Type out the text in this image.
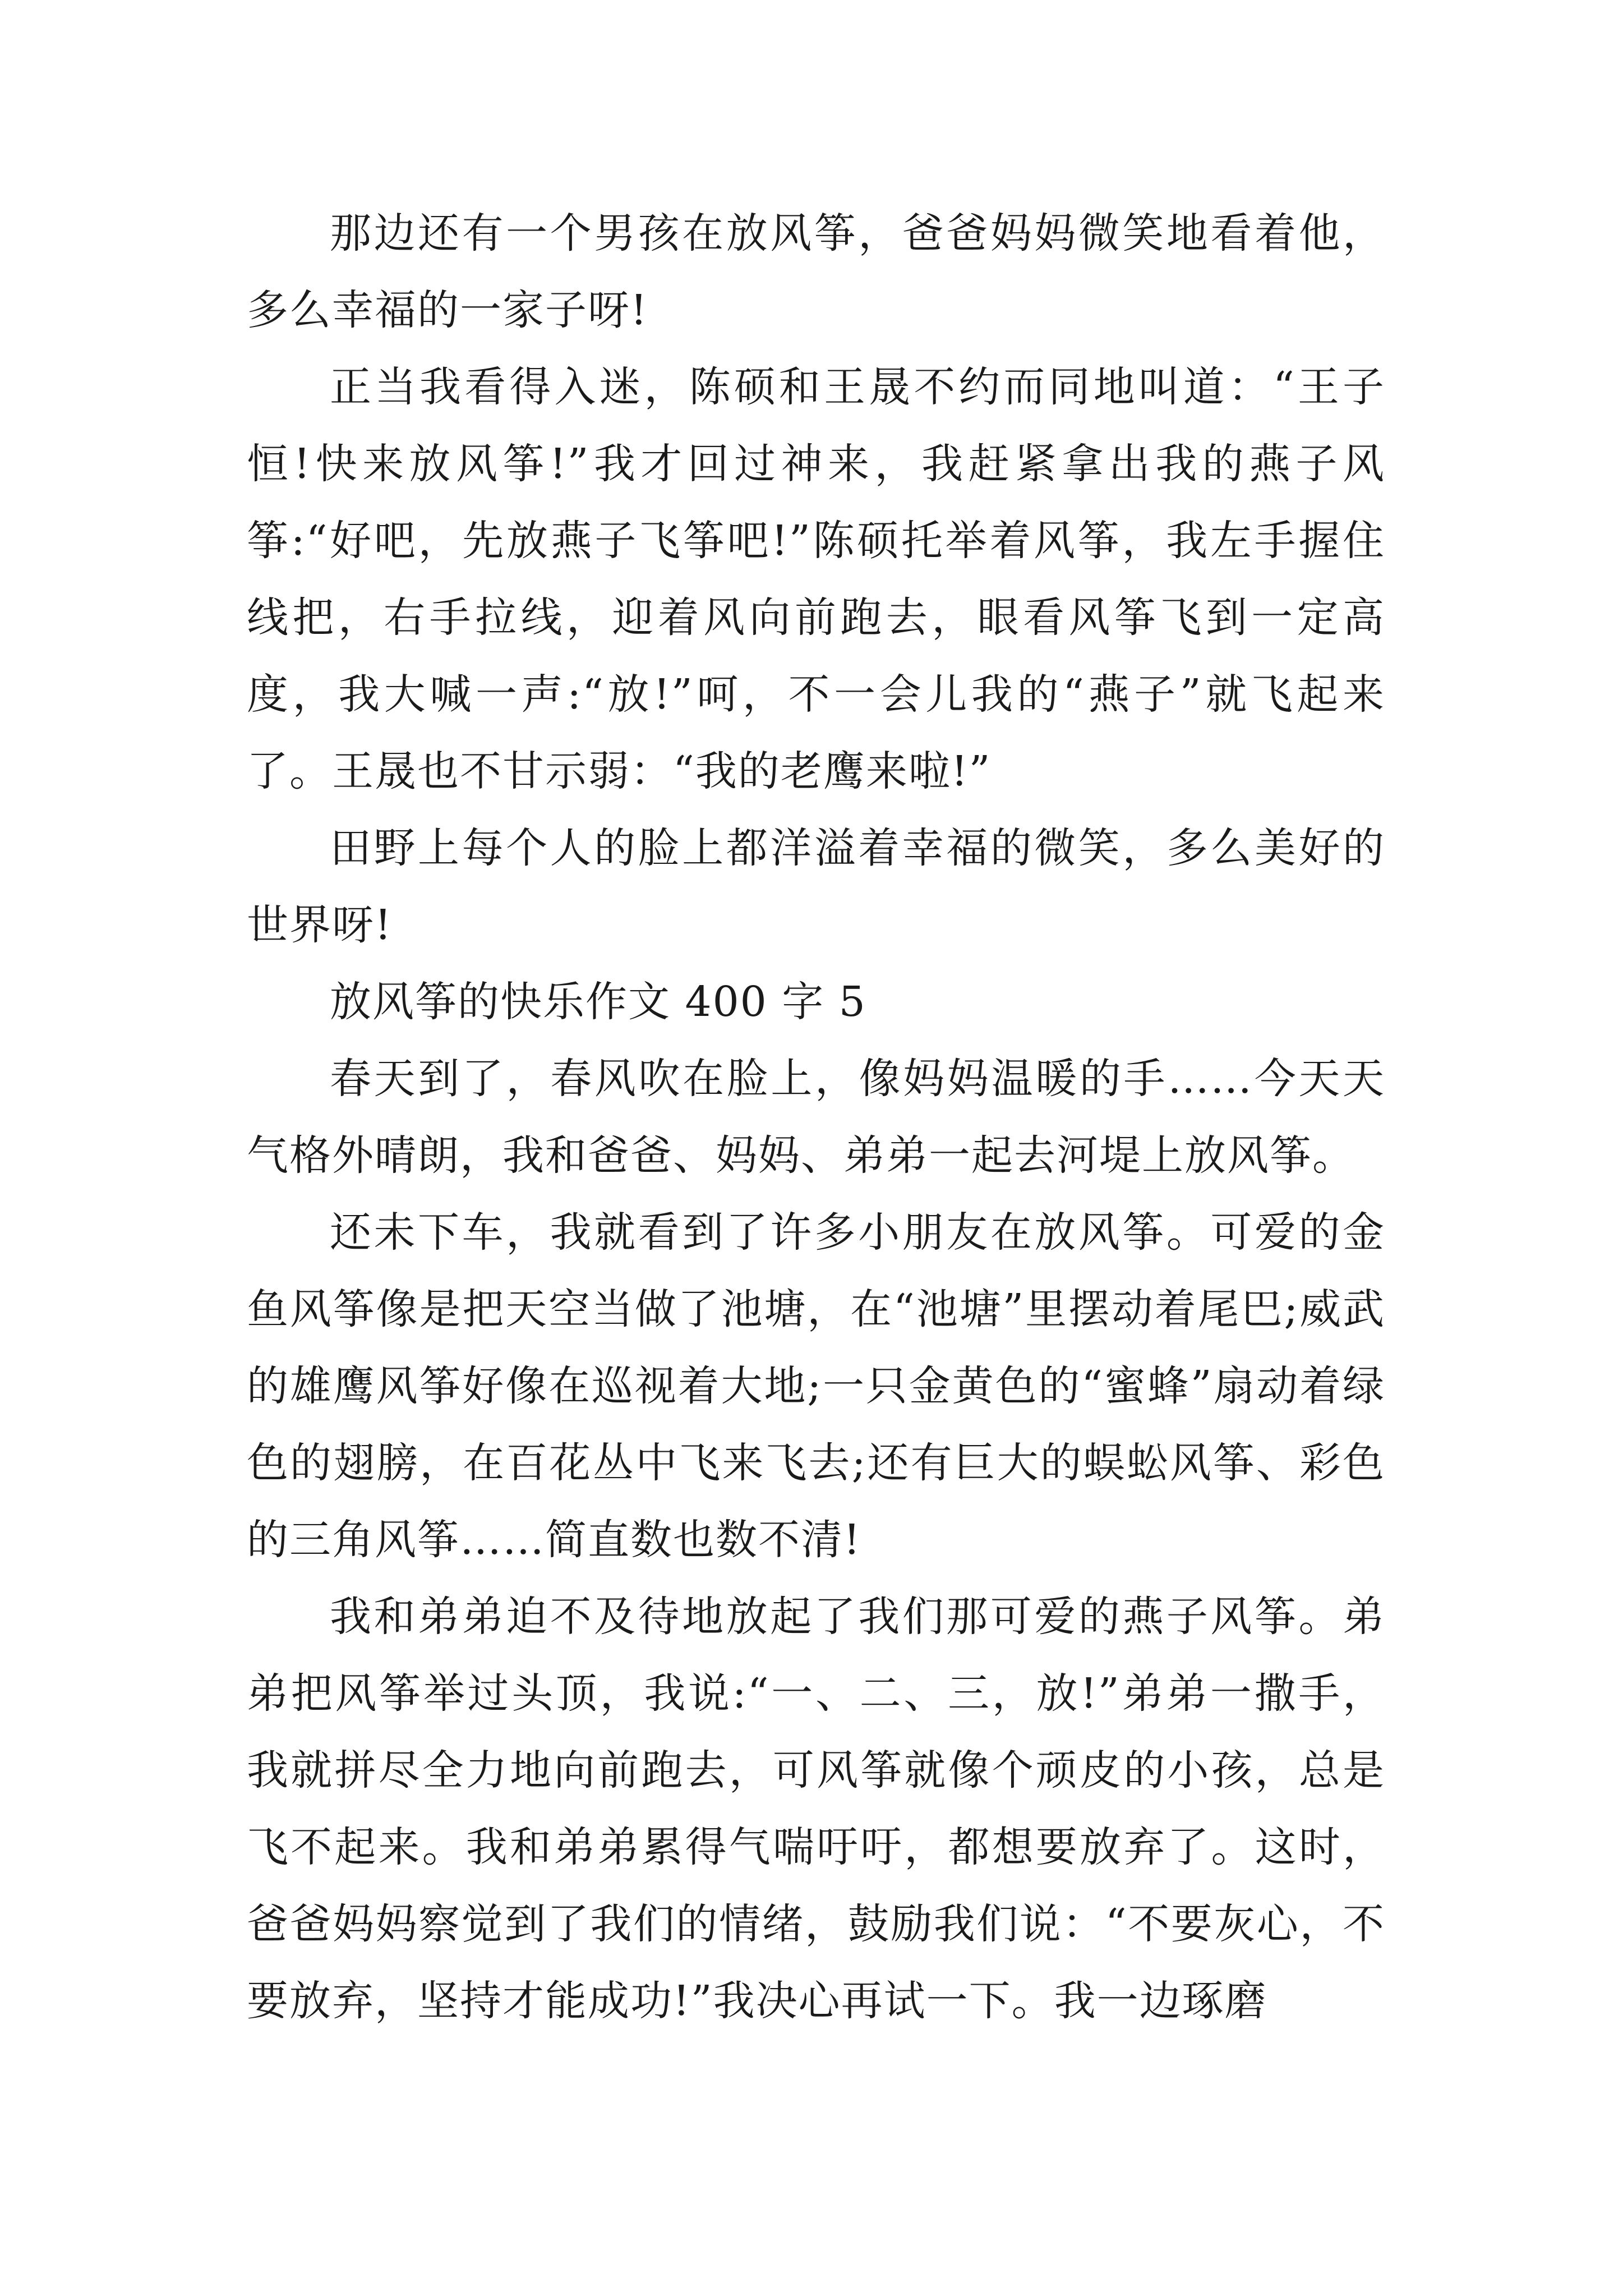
那边还有一个男孩在放风筝，爸爸妈妈微笑地看着他，多么幸福的一家子呀!

正当我看得入迷，陈硕和王晟不约而同地叫道：“王子恒!快来放风筝!”我才回过神来，我赶紧拿出我的燕子风筝:“好吧，先放燕子飞筝吧!”陈硕托举着风筝，我左手握住线把，右手拉线，迎着风向前跑去，眼看风筝飞到一定高度，我大喊一声:“放!”呵，不一会儿我的“燕子”就飞起来了。王晟也不甘示弱：“我的老鹰来啦!”

田野上每个人的脸上都洋溢着幸福的微笑，多么美好的世界呀!

放风筝的快乐作文 400 字 5

春天到了，春风吹在脸上，像妈妈温暖的手……今天天气格外晴朗，我和爸爸、妈妈、弟弟一起去河堤上放风筝。

还未下车，我就看到了许多小朋友在放风筝。可爱的金鱼风筝像是把天空当做了池塘，在“池塘”里摆动着尾巴;威武的雄鹰风筝好像在巡视着大地;一只金黄色的“蜜蜂”扇动着绿色的翅膀，在百花丛中飞来飞去;还有巨大的蜈蚣风筝、彩色的三角风筝……简直数也数不清!

我和弟弟迫不及待地放起了我们那可爱的燕子风筝。弟弟把风筝举过头顶，我说:“一、二、三，放!”弟弟一撒手，我就拼尽全力地向前跑去，可风筝就像个顽皮的小孩，总是飞不起来。我和弟弟累得气喘吁吁，都想要放弃了。这时，爸爸妈妈察觉到了我们的情绪，鼓励我们说：“不要灰心，不要放弃，坚持才能成功!”我决心再试一下。我一边琢磨
